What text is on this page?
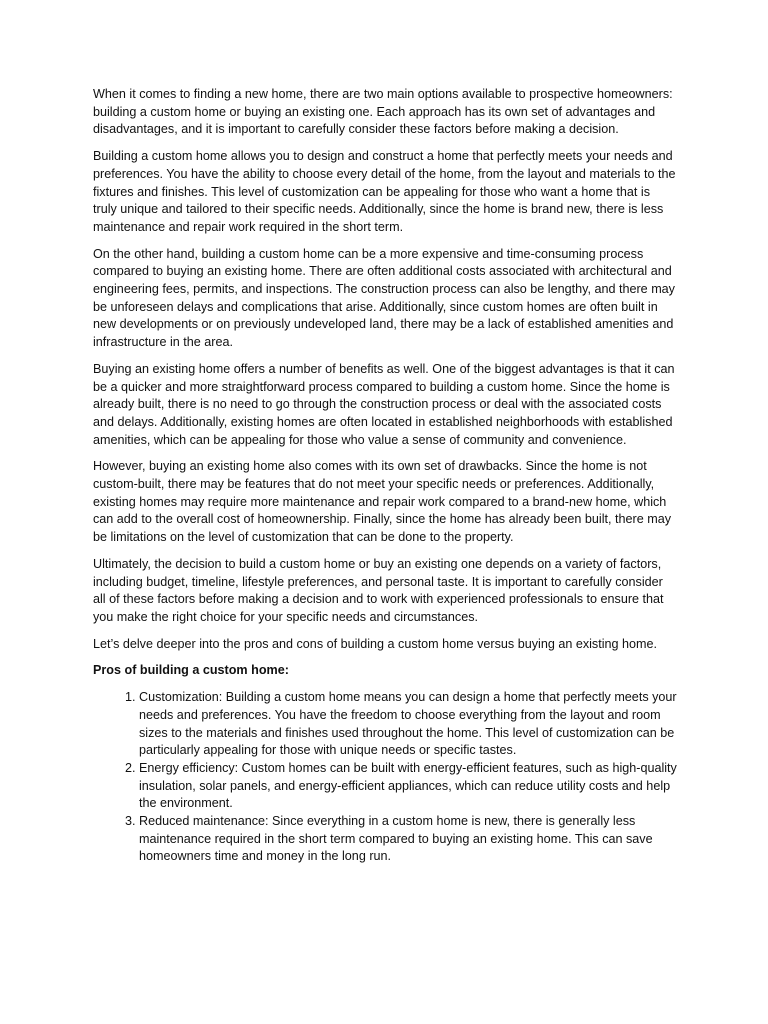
When it comes to finding a new home, there are two main options available to prospective homeowners: building a custom home or buying an existing one. Each approach has its own set of advantages and disadvantages, and it is important to carefully consider these factors before making a decision.

Building a custom home allows you to design and construct a home that perfectly meets your needs and preferences. You have the ability to choose every detail of the home, from the layout and materials to the fixtures and finishes. This level of customization can be appealing for those who want a home that is truly unique and tailored to their specific needs. Additionally, since the home is brand new, there is less maintenance and repair work required in the short term.

On the other hand, building a custom home can be a more expensive and time-consuming process compared to buying an existing home. There are often additional costs associated with architectural and engineering fees, permits, and inspections. The construction process can also be lengthy, and there may be unforeseen delays and complications that arise. Additionally, since custom homes are often built in new developments or on previously undeveloped land, there may be a lack of established amenities and infrastructure in the area.

Buying an existing home offers a number of benefits as well. One of the biggest advantages is that it can be a quicker and more straightforward process compared to building a custom home. Since the home is already built, there is no need to go through the construction process or deal with the associated costs and delays. Additionally, existing homes are often located in established neighborhoods with established amenities, which can be appealing for those who value a sense of community and convenience.

However, buying an existing home also comes with its own set of drawbacks. Since the home is not custom-built, there may be features that do not meet your specific needs or preferences. Additionally, existing homes may require more maintenance and repair work compared to a brand-new home, which can add to the overall cost of homeownership. Finally, since the home has already been built, there may be limitations on the level of customization that can be done to the property.

Ultimately, the decision to build a custom home or buy an existing one depends on a variety of factors, including budget, timeline, lifestyle preferences, and personal taste. It is important to carefully consider all of these factors before making a decision and to work with experienced professionals to ensure that you make the right choice for your specific needs and circumstances.

Let’s delve deeper into the pros and cons of building a custom home versus buying an existing home.

Pros of building a custom home:

1. Customization: Building a custom home means you can design a home that perfectly meets your needs and preferences. You have the freedom to choose everything from the layout and room sizes to the materials and finishes used throughout the home. This level of customization can be particularly appealing for those with unique needs or specific tastes.
2. Energy efficiency: Custom homes can be built with energy-efficient features, such as high-quality insulation, solar panels, and energy-efficient appliances, which can reduce utility costs and help the environment.
3. Reduced maintenance: Since everything in a custom home is new, there is generally less maintenance required in the short term compared to buying an existing home. This can save homeowners time and money in the long run.
